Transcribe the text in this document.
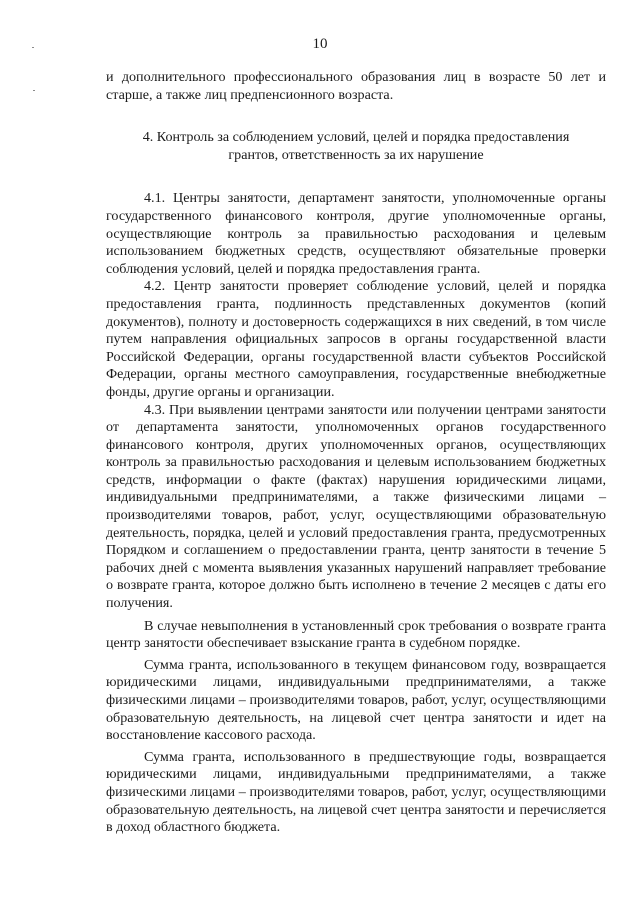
10

и дополнительного профессионального образования лиц в возрасте 50 лет и старше, а также лиц предпенсионного возраста.

4. Контроль за соблюдением условий, целей и порядка предоставления
грантов, ответственность за их нарушение

4.1. Центры занятости, департамент занятости, уполномоченные органы государственного финансового контроля, другие уполномоченные органы, осуществляющие контроль за правильностью расходования и целевым использованием бюджетных средств, осуществляют обязательные проверки соблюдения условий, целей и порядка предоставления гранта.

4.2. Центр занятости проверяет соблюдение условий, целей и порядка предоставления гранта, подлинность представленных документов (копий документов), полноту и достоверность содержащихся в них сведений, в том числе путем направления официальных запросов в органы государственной власти Российской Федерации, органы государственной власти субъектов Российской Федерации, органы местного самоуправления, государственные внебюджетные фонды, другие органы и организации.

4.3. При выявлении центрами занятости или получении центрами занятости от департамента занятости, уполномоченных органов государственного финансового контроля, других уполномоченных органов, осуществляющих контроль за правильностью расходования и целевым использованием бюджетных средств, информации о факте (фактах) нарушения юридическими лицами, индивидуальными предпринимателями, а также физическими лицами – производителями товаров, работ, услуг, осуществляющими образовательную деятельность, порядка, целей и условий предоставления гранта, предусмотренных Порядком и соглашением о предоставлении гранта, центр занятости в течение 5 рабочих дней с момента выявления указанных нарушений направляет требование о возврате гранта, которое должно быть исполнено в течение 2 месяцев с даты его получения.

В случае невыполнения в установленный срок требования о возврате гранта центр занятости обеспечивает взыскание гранта в судебном порядке.

Сумма гранта, использованного в текущем финансовом году, возвращается юридическими лицами, индивидуальными предпринимателями, а также физическими лицами – производителями товаров, работ, услуг, осуществляющими образовательную деятельность, на лицевой счет центра занятости и идет на восстановление кассового расхода.

Сумма гранта, использованного в предшествующие годы, возвращается юридическими лицами, индивидуальными предпринимателями, а также физическими лицами – производителями товаров, работ, услуг, осуществляющими образовательную деятельность, на лицевой счет центра занятости и перечисляется в доход областного бюджета.
